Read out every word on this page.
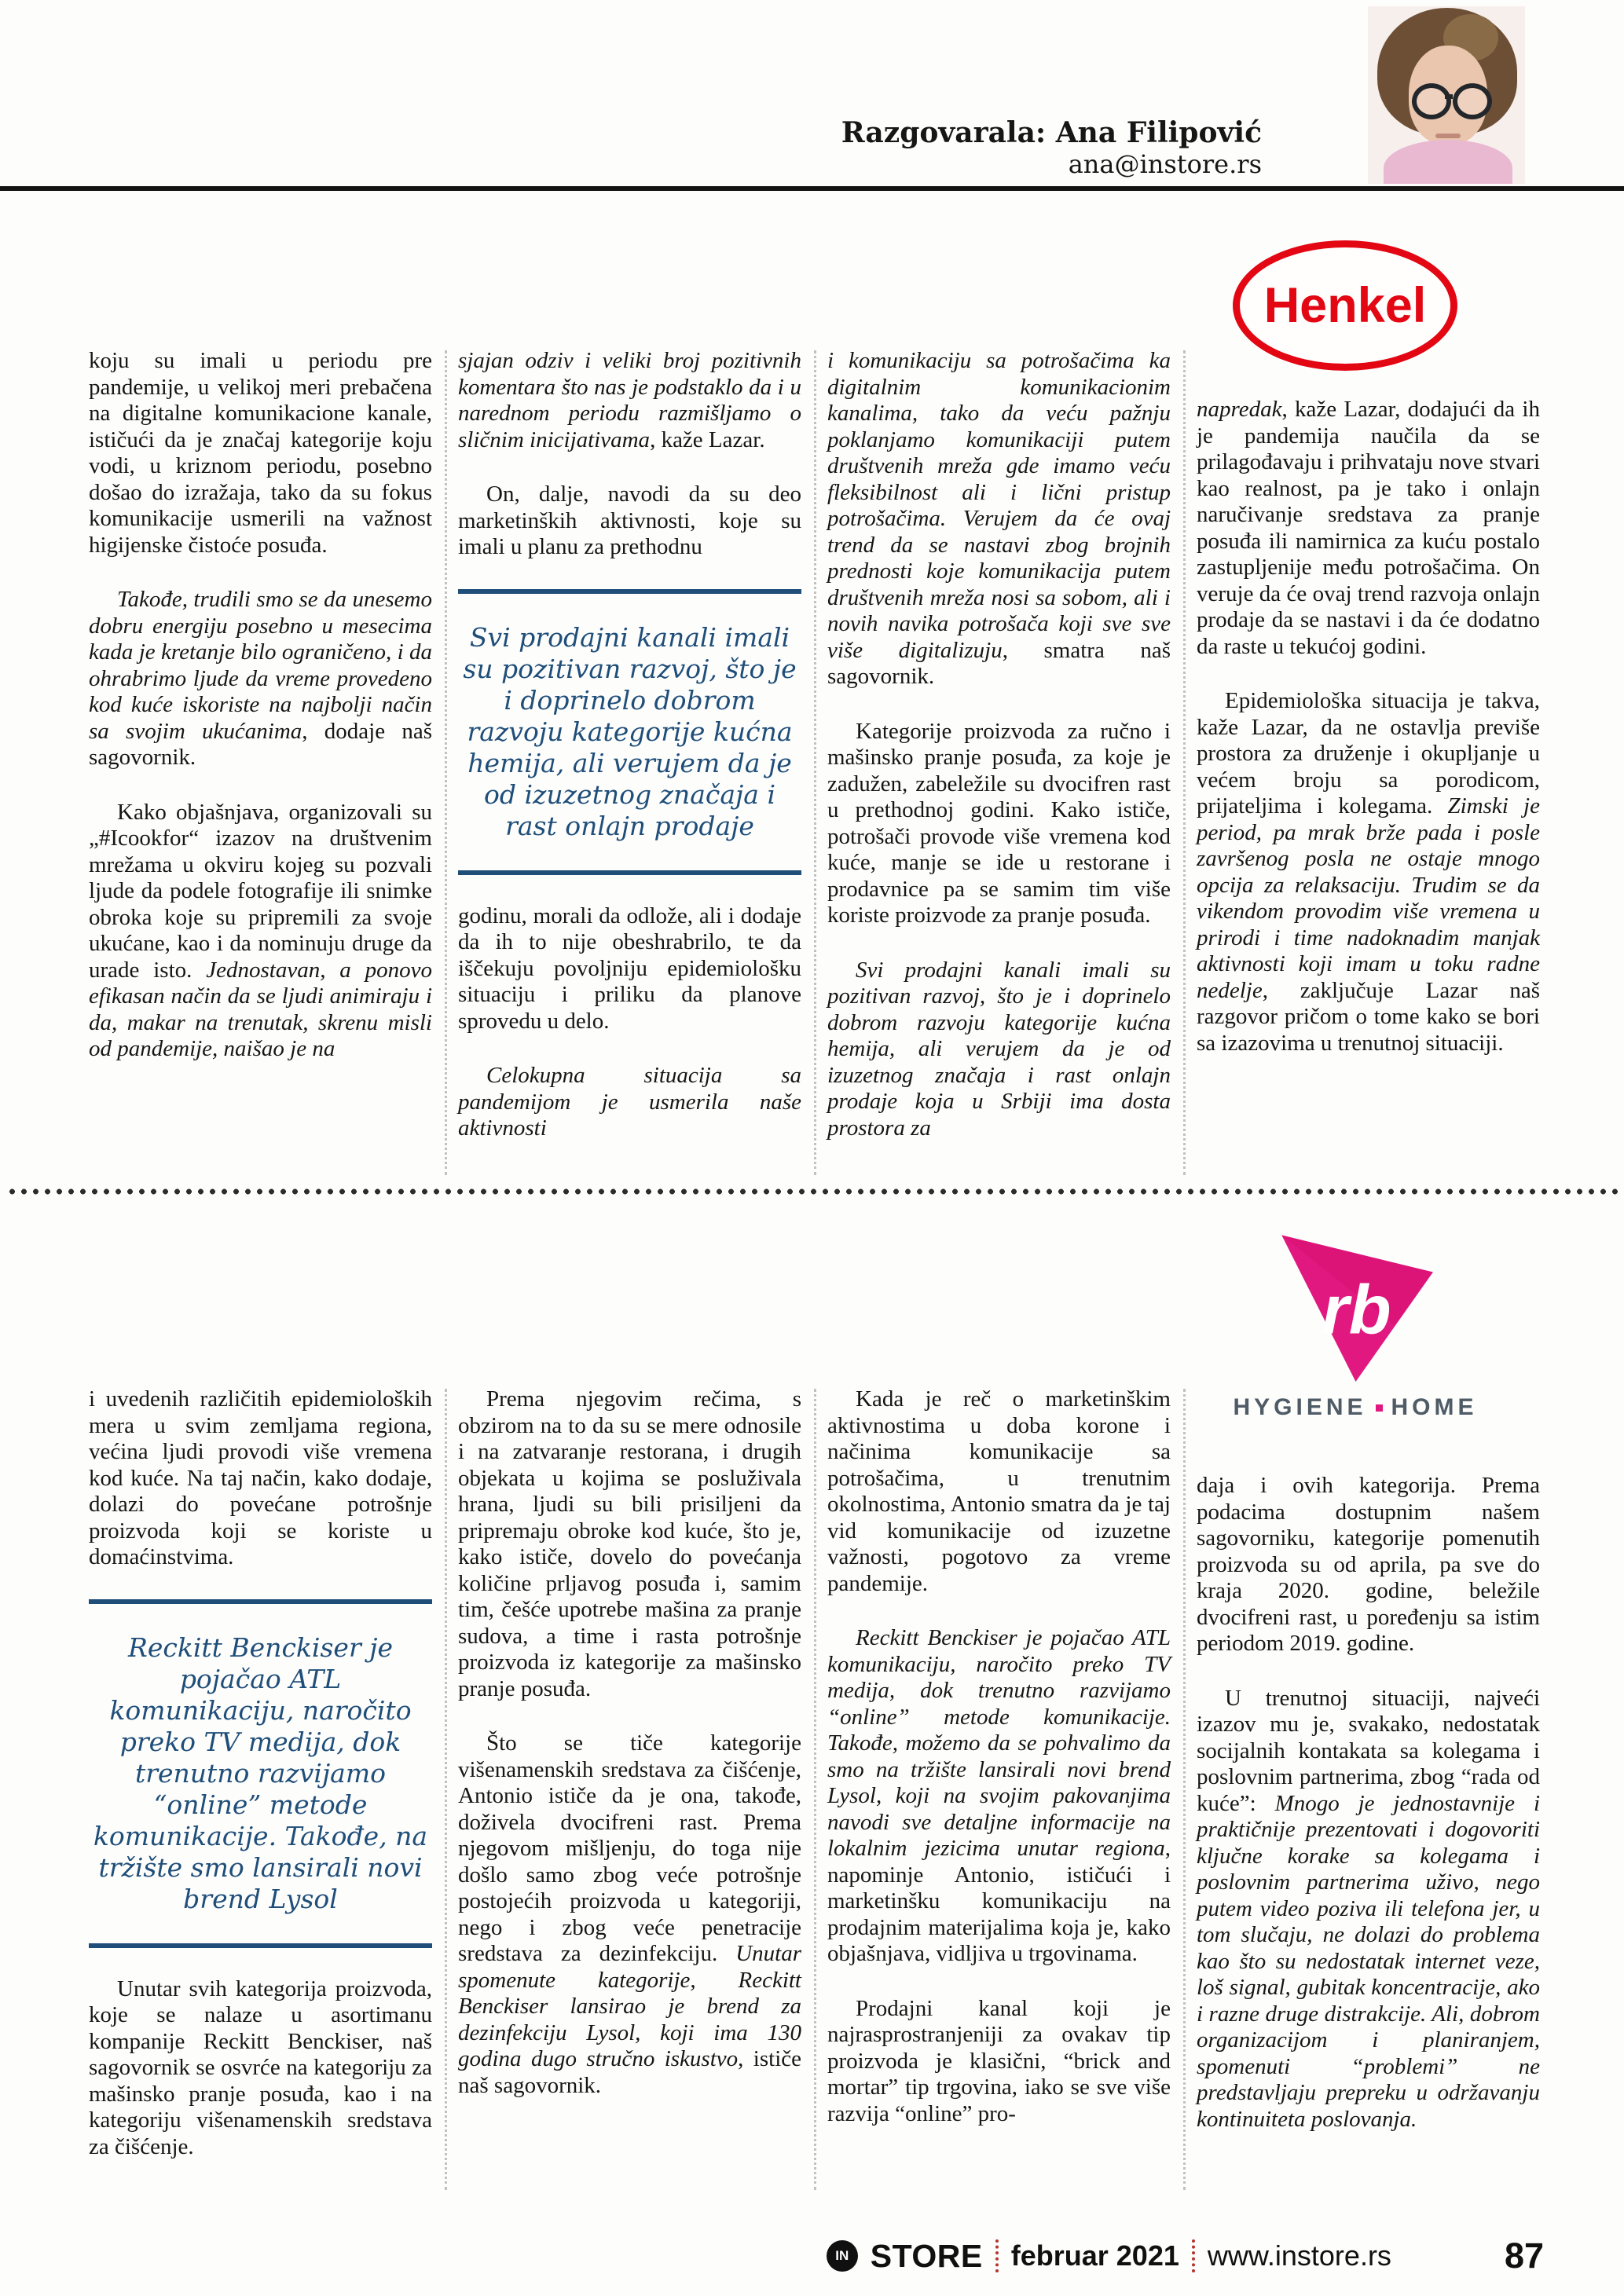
Razgovarala: Ana Filipović
ana@instore.rs
Henkel

koju su imali u periodu pre pandemije, u velikoj meri prebačena na digitalne komunikacione kanale, ističući da je značaj kategorije koju vodi, u kriznom periodu, posebno došao do izražaja, tako da su fokus komunikacije usmerili na važnost higijenske čistoće posuđa.

Takođe, trudili smo se da unesemo dobru energiju posebno u mesecima kada je kretanje bilo ograničeno, i da ohrabrimo ljude da vreme provedeno kod kuće iskoriste na najbolji način sa svojim ukućanima, dodaje naš sagovornik.

Kako objašnjava, organizovali su „#Icookfor“ izazov na društvenim mrežama u okviru kojeg su pozvali ljude da podele fotografije ili snimke obroka koje su pripremili za svoje ukućane, kao i da nominuju druge da urade isto. Jednostavan, a ponovo efikasan način da se ljudi animiraju i da, makar na trenutak, skrenu misli od pandemije, naišao je na

sjajan odziv i veliki broj pozitivnih komentara što nas je podstaklo da i u narednom periodu razmišljamo o sličnim inicijativama, kaže Lazar.

On, dalje, navodi da su deo marketinških aktivnosti, koje su imali u planu za prethodnu

Svi prodajni kanali imali su pozitivan razvoj, što je i doprinelo dobrom razvoju kategorije kućna hemija, ali verujem da je od izuzetnog značaja i rast onlajn prodaje

godinu, morali da odlože, ali i dodaje da ih to nije obeshrabrilo, te da iščekuju povoljniju epidemiološku situaciju i priliku da planove sprovedu u delo.

Celokupna situacija sa pandemijom je usmerila naše aktivnosti

i komunikaciju sa potrošačima ka digitalnim komunikacionim kanalima, tako da veću pažnju poklanjamo komunikaciji putem društvenih mreža gde imamo veću fleksibilnost ali i lični pristup potrošačima. Verujem da će ovaj trend da se nastavi zbog brojnih prednosti koje komunikacija putem društvenih mreža nosi sa sobom, ali i novih navika potrošača koji sve sve više digitalizuju, smatra naš sagovornik.

Kategorije proizvoda za ručno i mašinsko pranje posuđa, za koje je zadužen, zabeležile su dvocifren rast u prethodnoj godini. Kako ističe, potrošači provode više vremena kod kuće, manje se ide u restorane i prodavnice pa se samim tim više koriste proizvode za pranje posuđa.

Svi prodajni kanali imali su pozitivan razvoj, što je i doprinelo dobrom razvoju kategorije kućna hemija, ali verujem da je od izuzetnog značaja i rast onlajn prodaje koja u Srbiji ima dosta prostora za

napredak, kaže Lazar, dodajući da ih je pandemija naučila da se prilagođavaju i prihvataju nove stvari kao realnost, pa je tako i onlajn naručivanje sredstava za pranje posuđa ili namirnica za kuću postalo zastupljenije među potrošačima. On veruje da će ovaj trend razvoja onlajn prodaje da se nastavi i da će dodatno da raste u tekućoj godini.

Epidemiološka situacija je takva, kaže Lazar, da ne ostavlja previše prostora za druženje i okupljanje u većem broju sa porodicom, prijateljima i kolegama. Zimski je period, pa mrak brže pada i posle završenog posla ne ostaje mnogo opcija za relaksaciju. Trudim se da vikendom provodim više vremena u prirodi i time nadoknadim manjak aktivnosti koji imam u toku radne nedelje, zaključuje Lazar naš razgovor pričom o tome kako se bori sa izazovima u trenutnoj situaciji.

rb
HYGIENE HOME

i uvedenih različitih epidemioloških mera u svim zemljama regiona, većina ljudi provodi više vremena kod kuće. Na taj način, kako dodaje, dolazi do povećane potrošnje proizvoda koji se koriste u domaćinstvima.

Reckitt Benckiser je pojačao ATL komunikaciju, naročito preko TV medija, dok trenutno razvijamo “online” metode komunikacije. Takođe, na tržište smo lansirali novi brend Lysol

Unutar svih kategorija proizvoda, koje se nalaze u asortimanu kompanije Reckitt Benckiser, naš sagovornik se osvrće na kategoriju za mašinsko pranje posuđa, kao i na kategoriju višenamenskih sredstava za čišćenje.

Prema njegovim rečima, s obzirom na to da su se mere odnosile i na zatvaranje restorana, i drugih objekata u kojima se posluživala hrana, ljudi su bili prisiljeni da pripremaju obroke kod kuće, što je, kako ističe, dovelo do povećanja količine prljavog posuđa i, samim tim, češće upotrebe mašina za pranje sudova, a time i rasta potrošnje proizvoda iz kategorije za mašinsko pranje posuđa.

Što se tiče kategorije višenamenskih sredstava za čišćenje, Antonio ističe da je ona, takođe, doživela dvocifreni rast. Prema njegovom mišljenju, do toga nije došlo samo zbog veće potrošnje postojećih proizvoda u kategoriji, nego i zbog veće penetracije sredstava za dezinfekciju. Unutar spomenute kategorije, Reckitt Benckiser lansirao je brend za dezinfekciju Lysol, koji ima 130 godina dugo stručno iskustvo, ističe naš sagovornik.

Kada je reč o marketinškim aktivnostima u doba korone i načinima komunikacije sa potrošačima, u trenutnim okolnostima, Antonio smatra da je taj vid komunikacije od izuzetne važnosti, pogotovo za vreme pandemije.

Reckitt Benckiser je pojačao ATL komunikaciju, naročito preko TV medija, dok trenutno razvijamo “online” metode komunikacije. Takođe, možemo da se pohvalimo da smo na tržište lansirali novi brend Lysol, koji na svojim pakovanjima navodi sve detaljne informacije na lokalnim jezicima unutar regiona, napominje Antonio, ističući i marketinšku komunikaciju na prodajnim materijalima koja je, kako objašnjava, vidljiva u trgovinama.

Prodajni kanal koji je najrasprostranjeniji za ovakav tip proizvoda je klasični, “brick and mortar” tip trgovina, iako se sve više razvija “online” pro-

daja i ovih kategorija. Prema podacima dostupnim našem sagovorniku, kategorije pomenutih proizvoda su od aprila, pa sve do kraja 2020. godine, beležile dvocifreni rast, u poređenju sa istim periodom 2019. godine.

U trenutnoj situaciji, najveći izazov mu je, svakako, nedostatak socijalnih kontakata sa kolegama i poslovnim partnerima, zbog “rada od kuće”: Mnogo je jednostavnije i praktičnije prezentovati i dogovoriti ključne korake sa kolegama i poslovnim partnerima uživo, nego putem video poziva ili telefona jer, u tom slučaju, ne dolazi do problema kao što su nedostatak internet veze, loš signal, gubitak koncentracije, ako i razne druge distrakcije. Ali, dobrom organizacijom i planiranjem, spomenuti “problemi” ne predstavljaju prepreku u održavanju kontinuiteta poslovanja.

IN STORE februar 2021 www.instore.rs	87
